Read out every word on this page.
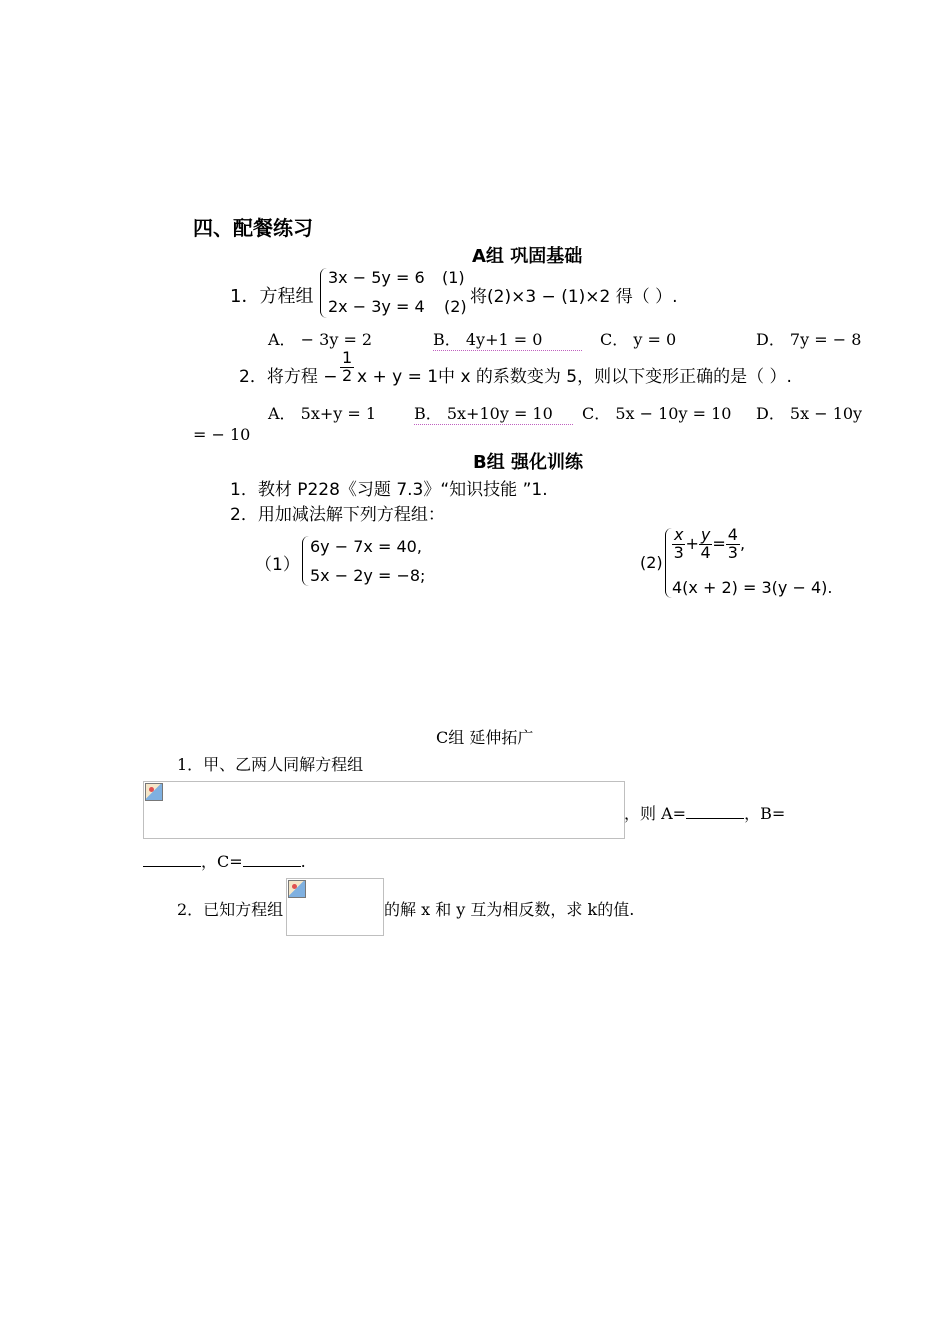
四、配餐练习
A组 巩固基础
1．方程组
3x − 5y = 6 (1)
2x − 3y = 4 (2) 将(2)×3 − (1)×2 得（ ）.
A． − 3y = 2	B． 4y+1 = 0	C． y = 0	D． 7y = − 8
2．将方程 − $\frac{1}{2}$ x + y = 1中 x 的系数变为 5，则以下变形正确的是（ ）.
A． 5x+y = 1 B． 5x+10y = 10	C． 5x − 10y = 10 D． 5x − 10y
= − 10
B组 强化训练
1．教材 P228《习题 7.3》“知识技能 ”1.
2．用加减法解下列方程组：
（1）
6y − 7x = 40,
5x − 2y = −8;
(2)
$\frac{x}{3} + \frac{y}{4} = \frac{4}{3}$ ,
4(x + 2) = 3(y − 4).
C组 延伸拓广
1．甲、乙两人同解方程组
，则 A=	，B=
，C=	.
2．已知方程组	的解 x 和 y 互为相反数，求 k的值.
